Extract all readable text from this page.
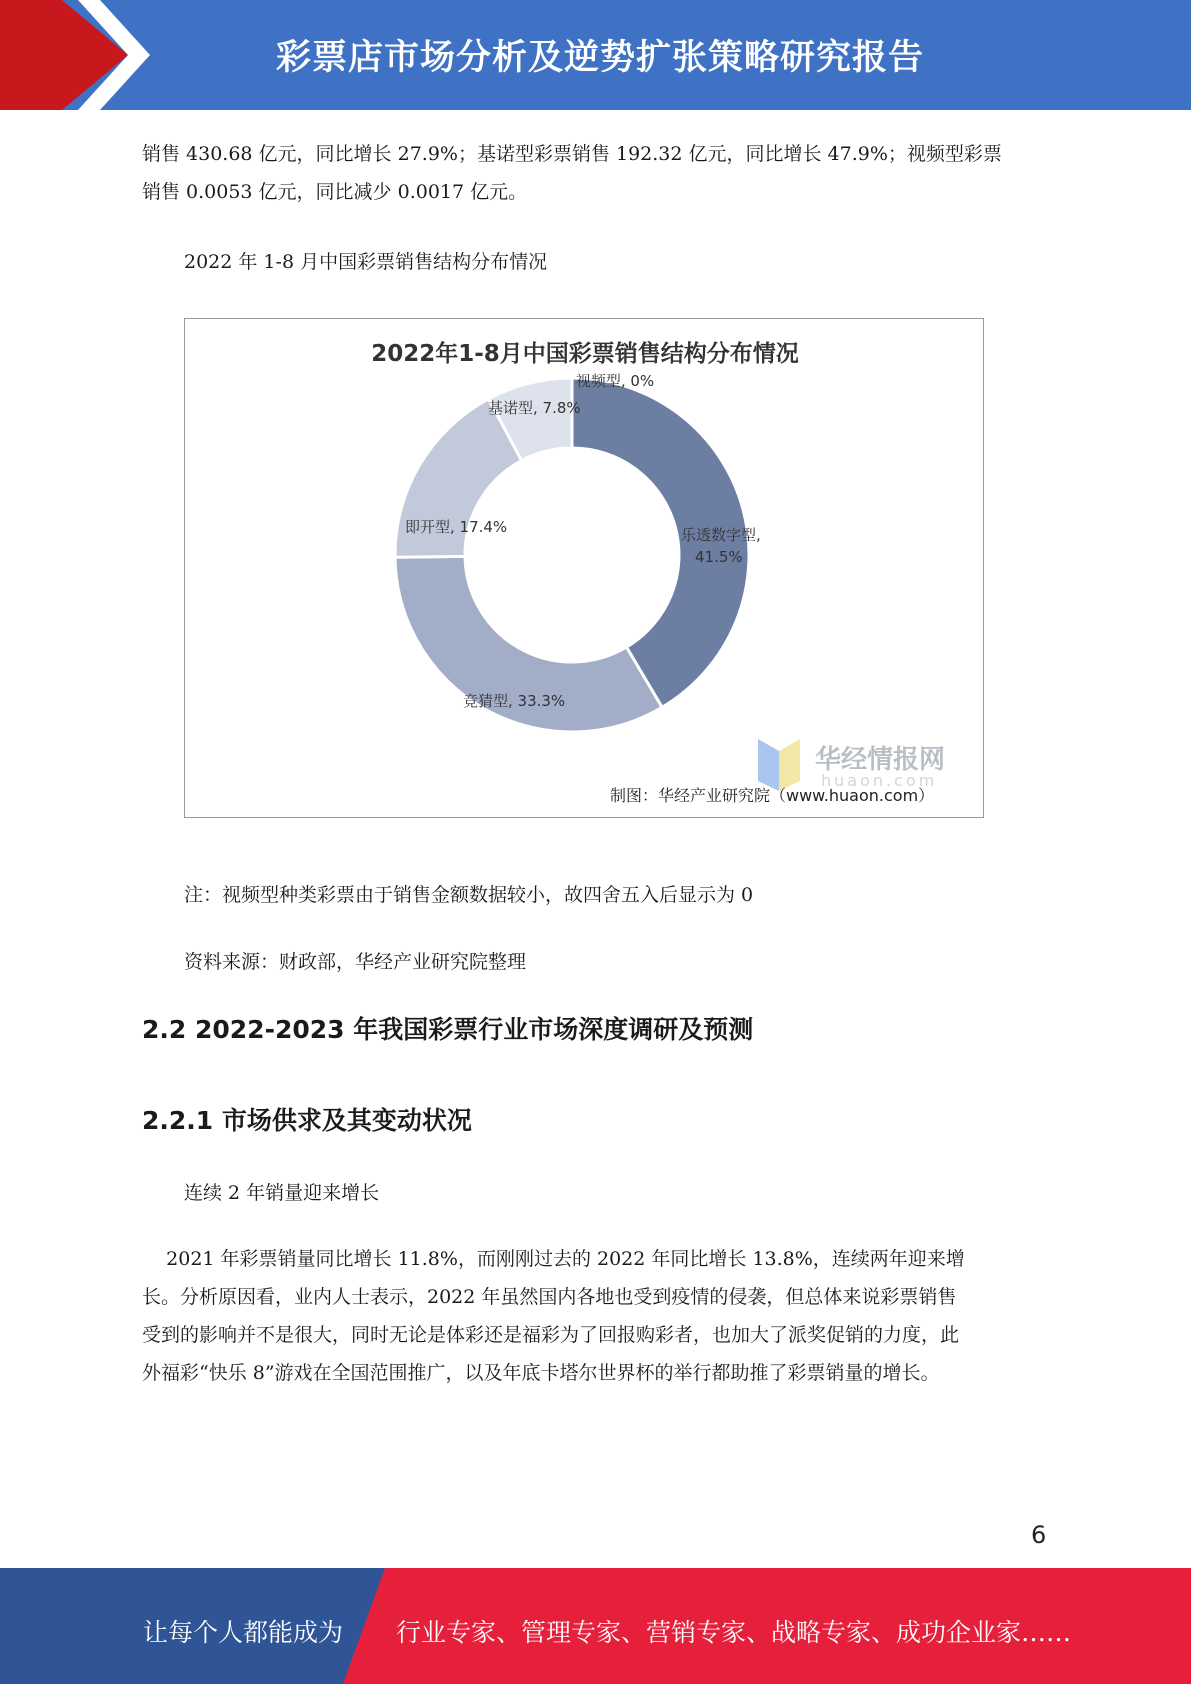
彩票店市场分析及逆势扩张策略研究报告

销售 430.68 亿元，同比增长 27.9%；基诺型彩票销售 192.32 亿元，同比增长 47.9%；视频型彩票

销售 0.0053 亿元，同比减少 0.0017 亿元。

2022 年 1-8 月中国彩票销售结构分布情况

2022年1-8月中国彩票销售结构分布情况
视频型, 0%
基诺型, 7.8%
即开型, 17.4%	乐透数字型,
41.5%
竞猜型, 33.3%
华经情报网
huaon.com
制图：华经产业研究院（www.huaon.com）

注：视频型种类彩票由于销售金额数据较小，故四舍五入后显示为 0

资料来源：财政部，华经产业研究院整理

2.2 2022-2023 年我国彩票行业市场深度调研及预测
2.2.1 市场供求及其变动状况

连续 2 年销量迎来增长

2021 年彩票销量同比增长 11.8%，而刚刚过去的 2022 年同比增长 13.8%，连续两年迎来增

长。分析原因看，业内人士表示，2022 年虽然国内各地也受到疫情的侵袭，但总体来说彩票销售

受到的影响并不是很大，同时无论是体彩还是福彩为了回报购彩者，也加大了派奖促销的力度，此

外福彩“快乐 8”游戏在全国范围推广，以及年底卡塔尔世界杯的举行都助推了彩票销量的增长。

6
让每个人都能成为 行业专家、管理专家、营销专家、战略专家、成功企业家……
